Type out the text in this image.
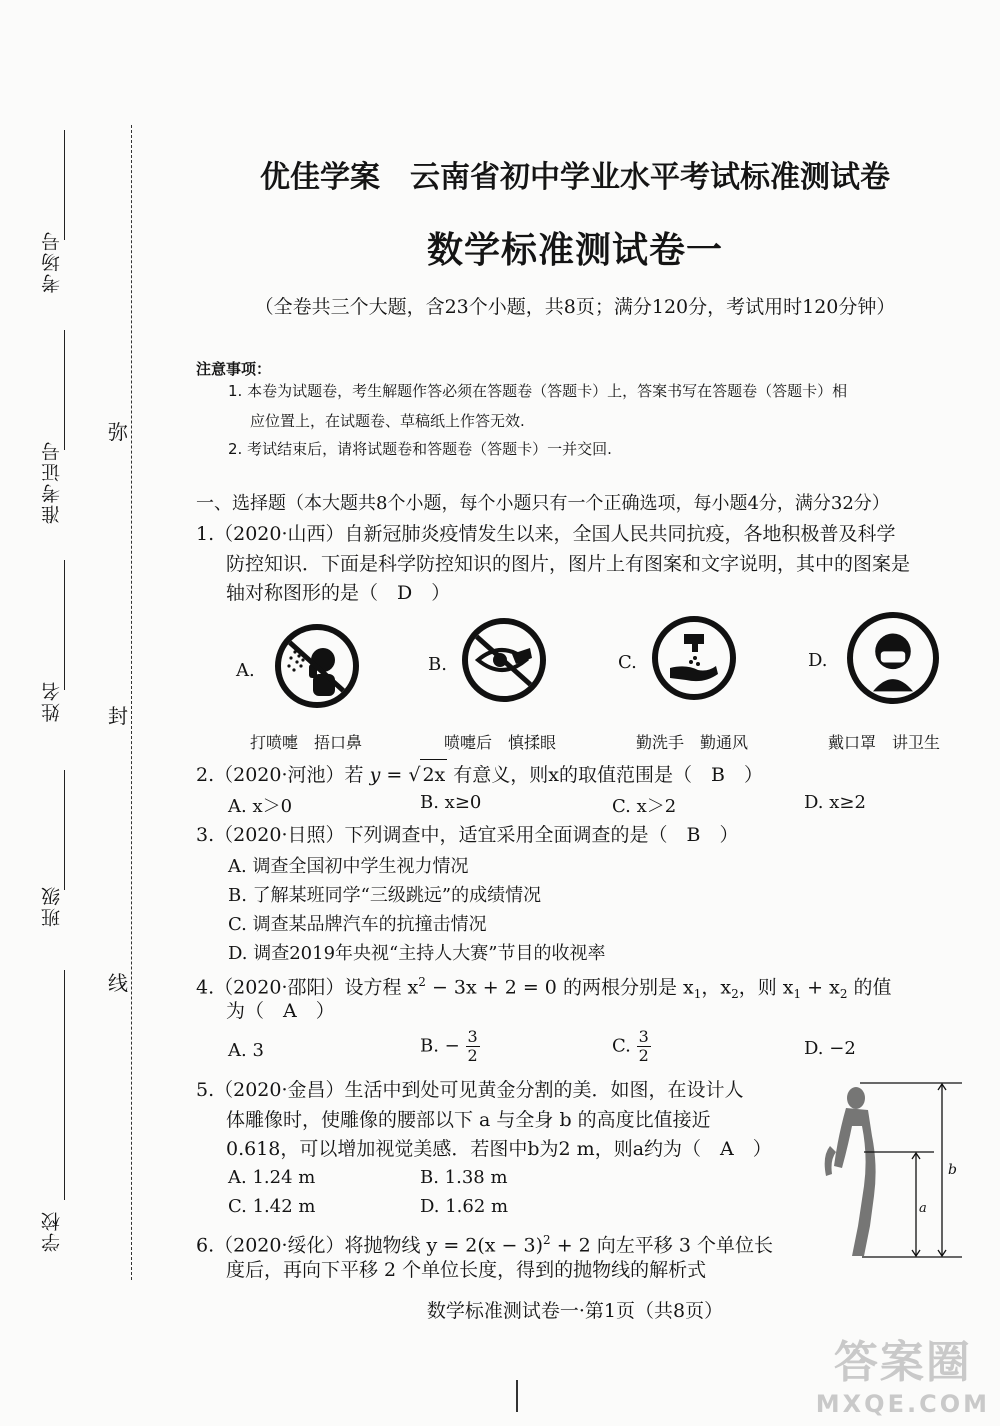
考场号
准考证号
姓名
班级
学校
弥
封
线
优佳学案　云南省初中学业水平考试标准测试卷
数学标准测试卷一
（全卷共三个大题，含23个小题，共8页；满分120分，考试用时120分钟）
注意事项：
1. 本卷为试题卷，考生解题作答必须在答题卷（答题卡）上，答案书写在答题卷（答题卡）相
应位置上，在试题卷、草稿纸上作答无效.
2. 考试结束后，请将试题卷和答题卷（答题卡）一并交回.
一、选择题（本大题共8个小题，每个小题只有一个正确选项，每小题4分，满分32分）
1.（2020·山西）自新冠肺炎疫情发生以来，全国人民共同抗疫，各地积极普及科学
防控知识．下面是科学防控知识的图片，图片上有图案和文字说明，其中的图案是
轴对称图形的是（　D　）
A.
打喷嚏　捂口鼻
B.
喷嚏后　慎揉眼
C.
勤洗手　勤通风
D.
戴口罩　讲卫生
2.（2020·河池）若 y = √ 2x 有意义，则x的取值范围是（　B　）
A. x＞0	B. x≥0	C. x＞2	D. x≥2
3.（2020·日照）下列调查中，适宜采用全面调查的是（　B　）
A. 调查全国初中学生视力情况
B. 了解某班同学“三级跳远”的成绩情况
C. 调查某品牌汽车的抗撞击情况
D. 调查2019年央视“主持人大赛”节目的收视率
4.（2020·邵阳）设方程 $x^2 - 3x + 2 = 0$ 的两根分别是 $x_1$，$x_2$，则 $x_1 + x_2$ 的值
为（　A　）
A. 3	B. − $\frac{3}{2}$	C. $\frac{3}{2}$	D. −2
5.（2020·金昌）生活中到处可见黄金分割的美．如图，在设计人
体雕像时，使雕像的腰部以下 a 与全身 b 的高度比值接近
0.618，可以增加视觉美感．若图中b为2 m，则a约为（　A　）
A. 1.24 m	B. 1.38 m
C. 1.42 m	D. 1.62 m
b
a
6.（2020·绥化）将抛物线 $y = 2(x - 3)^2 + 2$ 向左平移 3 个单位长
度后，再向下平移 2 个单位长度，得到的抛物线的解析式
数学标准测试卷一·第1页（共8页）
答案圈
MXQE.COM
